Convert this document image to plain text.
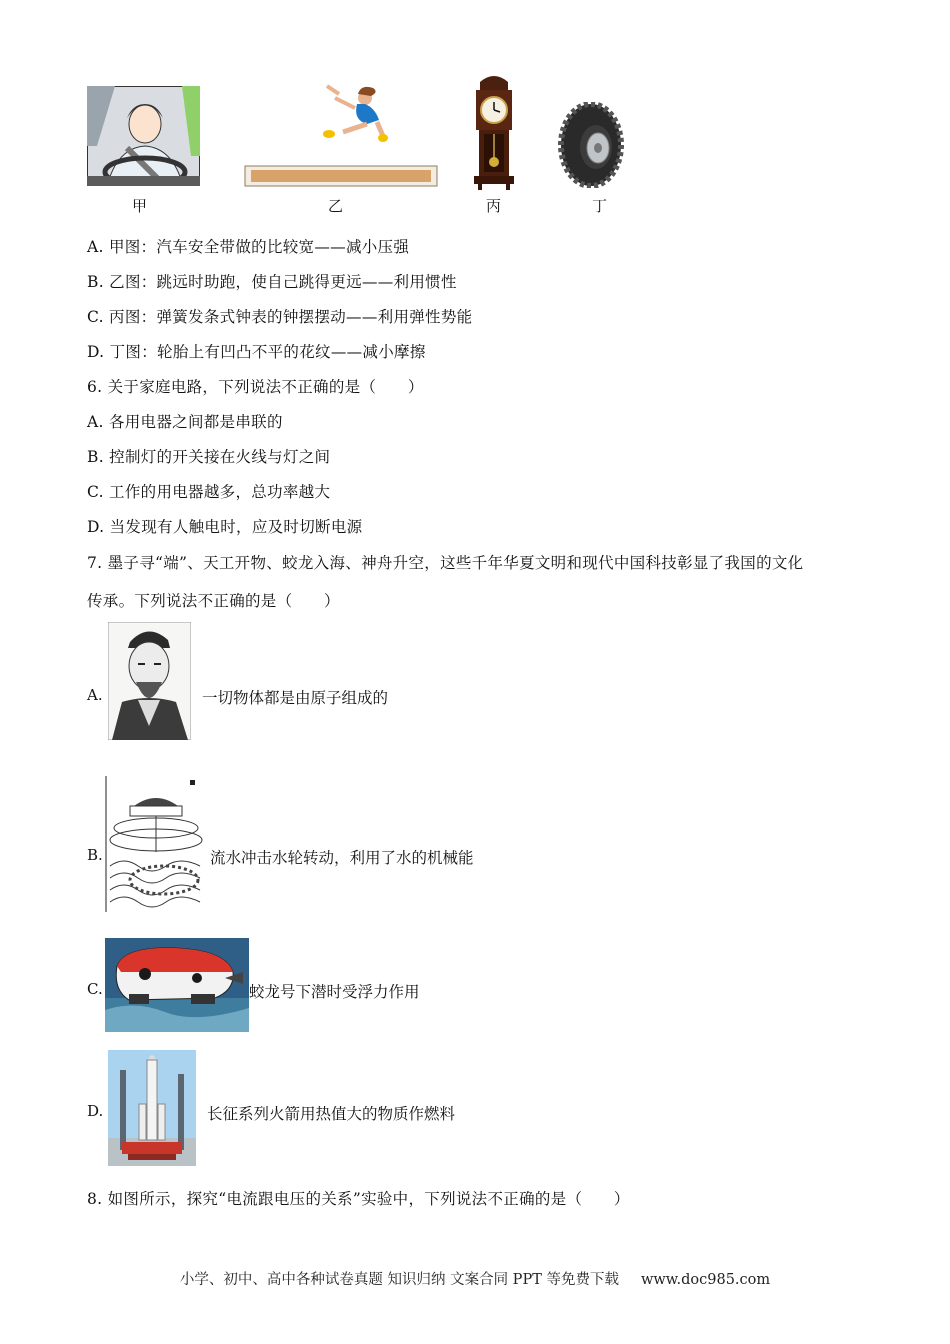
甲	乙	丙	丁
A. 甲图：汽车安全带做的比较宽——减小压强
B. 乙图：跳远时助跑，使自己跳得更远——利用惯性
C. 丙图：弹簧发条式钟表的钟摆摆动——利用弹性势能
D. 丁图：轮胎上有凹凸不平的花纹——减小摩擦
6. 关于家庭电路，下列说法不正确的是（　　）
A. 各用电器之间都是串联的
B. 控制灯的开关接在火线与灯之间
C. 工作的用电器越多，总功率越大
D. 当发现有人触电时，应及时切断电源
7. 墨子寻“端”、天工开物、蛟龙入海、神舟升空，这些千年华夏文明和现代中国科技彰显了我国的文化
传承。下列说法不正确的是（　　）
A.	一切物体都是由原子组成的
B.	流水冲击水轮转动，利用了水的机械能
C.	蛟龙号下潜时受浮力作用
D.	长征系列火箭用热值大的物质作燃料
8. 如图所示，探究“电流跟电压的关系”实验中，下列说法不正确的是（　　）
小学、初中、高中各种试卷真题 知识归纳 文案合同 PPT 等免费下载 www.doc985.com
